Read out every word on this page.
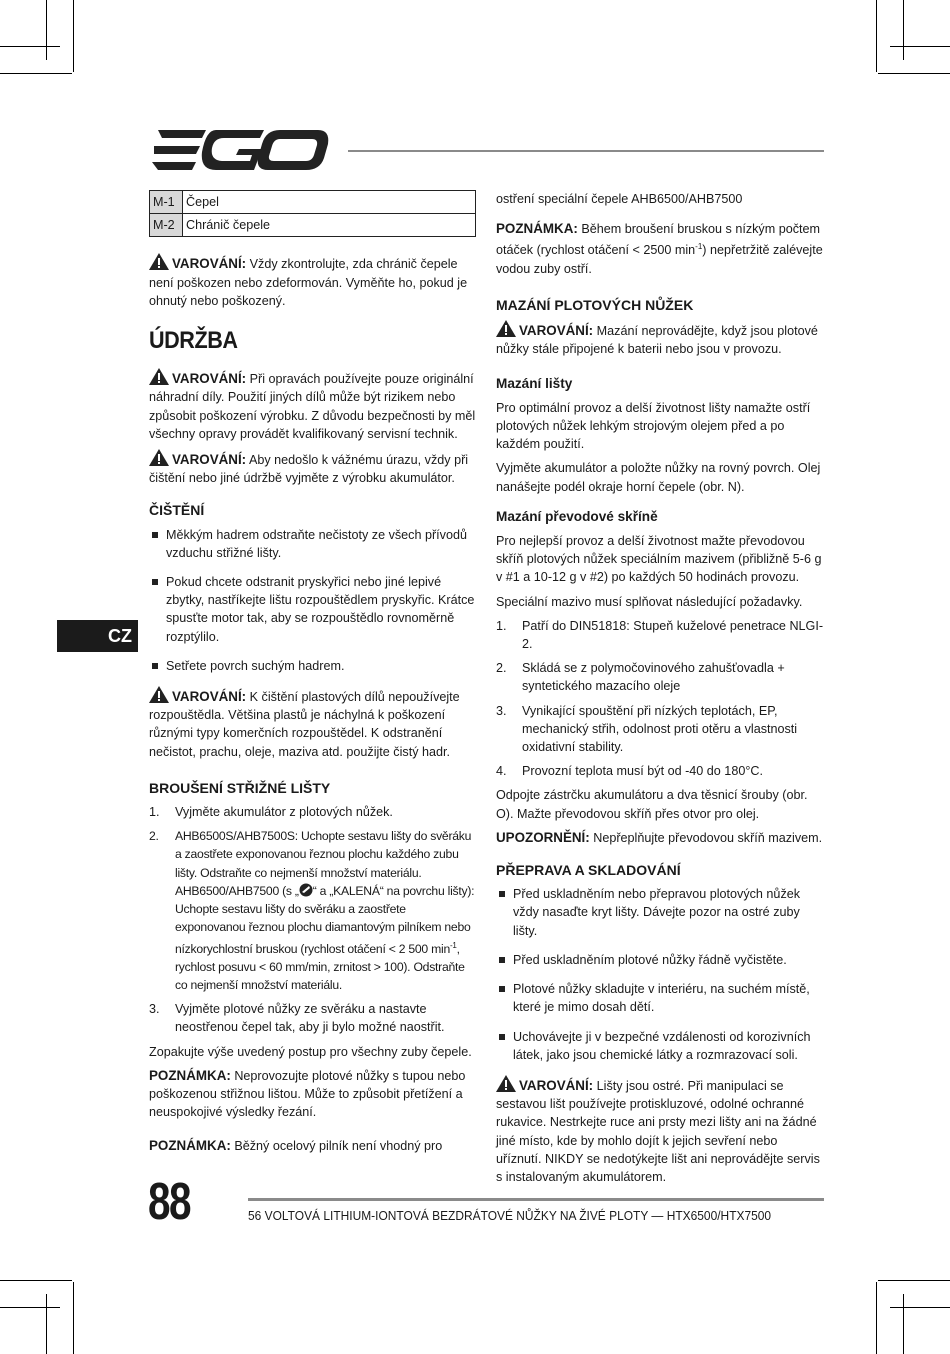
M-1	Čepel
M-2	Chránič čepele

VAROVÁNÍ: Vždy zkontrolujte, zda chránič čepele není poškozen nebo zdeformován. Vyměňte ho, pokud je ohnutý nebo poškozený.

ÚDRŽBA

VAROVÁNÍ: Při opravách používejte pouze originální náhradní díly. Použití jiných dílů může být rizikem nebo způsobit poškození výrobku. Z důvodu bezpečnosti by měl všechny opravy provádět kvalifikovaný servisní technik.

VAROVÁNÍ: Aby nedošlo k vážnému úrazu, vždy při čištění nebo jiné údržbě vyjměte z výrobku akumulátor.

ČIŠTĚNÍ
Měkkým hadrem odstraňte nečistoty ze všech přívodů vzduchu střižné lišty.
Pokud chcete odstranit pryskyřici nebo jiné lepivé zbytky, nastříkejte lištu rozpouštědlem pryskyřic. Krátce spusťte motor tak, aby se rozpouštědlo rovnoměrně rozptýlilo.
Setřete povrch suchým hadrem.

VAROVÁNÍ: K čištění plastových dílů nepoužívejte rozpouštědla. Většina plastů je náchylná k poškození různými typy komerčních rozpouštědel. K odstranění nečistot, prachu, oleje, maziva atd. použijte čistý hadr.

BROUŠENÍ STŘIŽNÉ LIŠTY
1. Vyjměte akumulátor z plotových nůžek.
2. AHB6500S/AHB7500S: Uchopte sestavu lišty do svěráku a zaostřete exponovanou řeznou plochu každého zubu lišty. Odstraňte co nejmenší množství materiálu. AHB6500/AHB7500 (s „ “ a „KALENÁ“ na povrchu lišty): Uchopte sestavu lišty do svěráku a zaostřete exponovanou řeznou plochu diamantovým pilníkem nebo nízkorychlostní bruskou (rychlost otáčení < 2 500 $\min^{-1}$, rychlost posuvu < 60 mm/min, zrnitost > 100). Odstraňte co nejmenší množství materiálu.
3. Vyjměte plotové nůžky ze svěráku a nastavte neostřenou čepel tak, aby ji bylo možné naostřit.

Zopakujte výše uvedený postup pro všechny zuby čepele.

POZNÁMKA: Neprovozujte plotové nůžky s tupou nebo poškozenou střižnou lištou. Může to způsobit přetížení a neuspokojivé výsledky řezání.

POZNÁMKA: Běžný ocelový pilník není vhodný pro

ostření speciální čepele AHB6500/AHB7500

POZNÁMKA: Během broušení bruskou s nízkým počtem otáček (rychlost otáčení < 2500 $\min^{-1}$) nepřetržitě zalévejte vodou zuby ostří.

MAZÁNÍ PLOTOVÝCH NŮŽEK

VAROVÁNÍ: Mazání neprovádějte, když jsou plotové nůžky stále připojené k baterii nebo jsou v provozu.

Mazání lišty

Pro optimální provoz a delší životnost lišty namažte ostří plotových nůžek lehkým strojovým olejem před a po každém použití.

Vyjměte akumulátor a položte nůžky na rovný povrch. Olej nanášejte podél okraje horní čepele (obr. N).

Mazání převodové skříně

Pro nejlepší provoz a delší životnost mažte převodovou skříň plotových nůžek speciálním mazivem (přibližně 5-6 g v #1 a 10-12 g v #2) po každých 50 hodinách provozu.

Speciální mazivo musí splňovat následující požadavky.

1. Patří do DIN51818: Stupeň kuželové penetrace NLGI-2.
2. Skládá se z polymočovinového zahušťovadla + syntetického mazacího oleje
3. Vynikající spouštění při nízkých teplotách, EP, mechanický střih, odolnost proti otěru a vlastnosti oxidativní stability.
4. Provozní teplota musí být od -40 do 180°C.

Odpojte zástrčku akumulátoru a dva těsnicí šrouby (obr. O). Mažte převodovou skříň přes otvor pro olej.

UPOZORNĚNÍ: Nepřeplňujte převodovou skříň mazivem.

PŘEPRAVA A SKLADOVÁNÍ
Před uskladněním nebo přepravou plotových nůžek vždy nasaďte kryt lišty. Dávejte pozor na ostré zuby lišty.
Před uskladněním plotové nůžky řádně vyčistěte.
Plotové nůžky skladujte v interiéru, na suchém místě, které je mimo dosah dětí.
Uchovávejte ji v bezpečné vzdálenosti od korozivních látek, jako jsou chemické látky a rozmrazovací soli.

VAROVÁNÍ: Lišty jsou ostré. Při manipulaci se sestavou lišt používejte protiskluzové, odolné ochranné rukavice. Nestrkejte ruce ani prsty mezi lišty ani na žádné jiné místo, kde by mohlo dojít k jejich sevření nebo uříznutí. NIKDY se nedotýkejte lišt ani neprovádějte servis s instalovaným akumulátorem.

CZ
88	56 VOLTOVÁ LITHIUM-IONTOVÁ BEZDRÁTOVÉ NŮŽKY NA ŽIVÉ PLOTY — HTX6500/HTX7500
